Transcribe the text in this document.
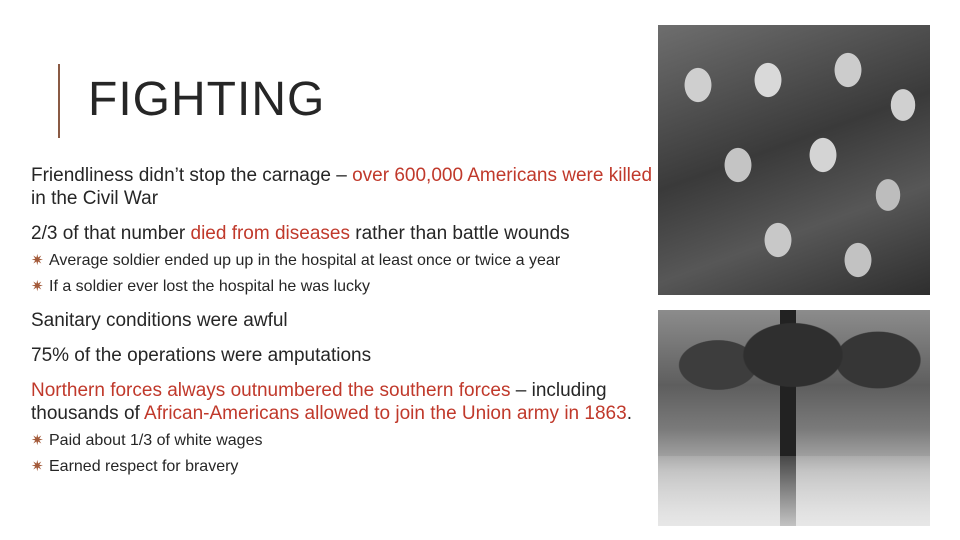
FIGHTING

Friendliness didn’t stop the carnage – over 600,000 Americans were killed in the Civil War

2/3 of that number died from diseases rather than battle wounds

✷ Average soldier ended up up in the hospital at least once or twice a year
✷ If a soldier ever lost the hospital he was lucky

Sanitary conditions were awful

75% of the operations were amputations

Northern forces always outnumbered the southern forces – including thousands of African-Americans allowed to join the Union army in 1863.

✷ Paid about 1/3 of white wages
✷ Earned respect for bravery
